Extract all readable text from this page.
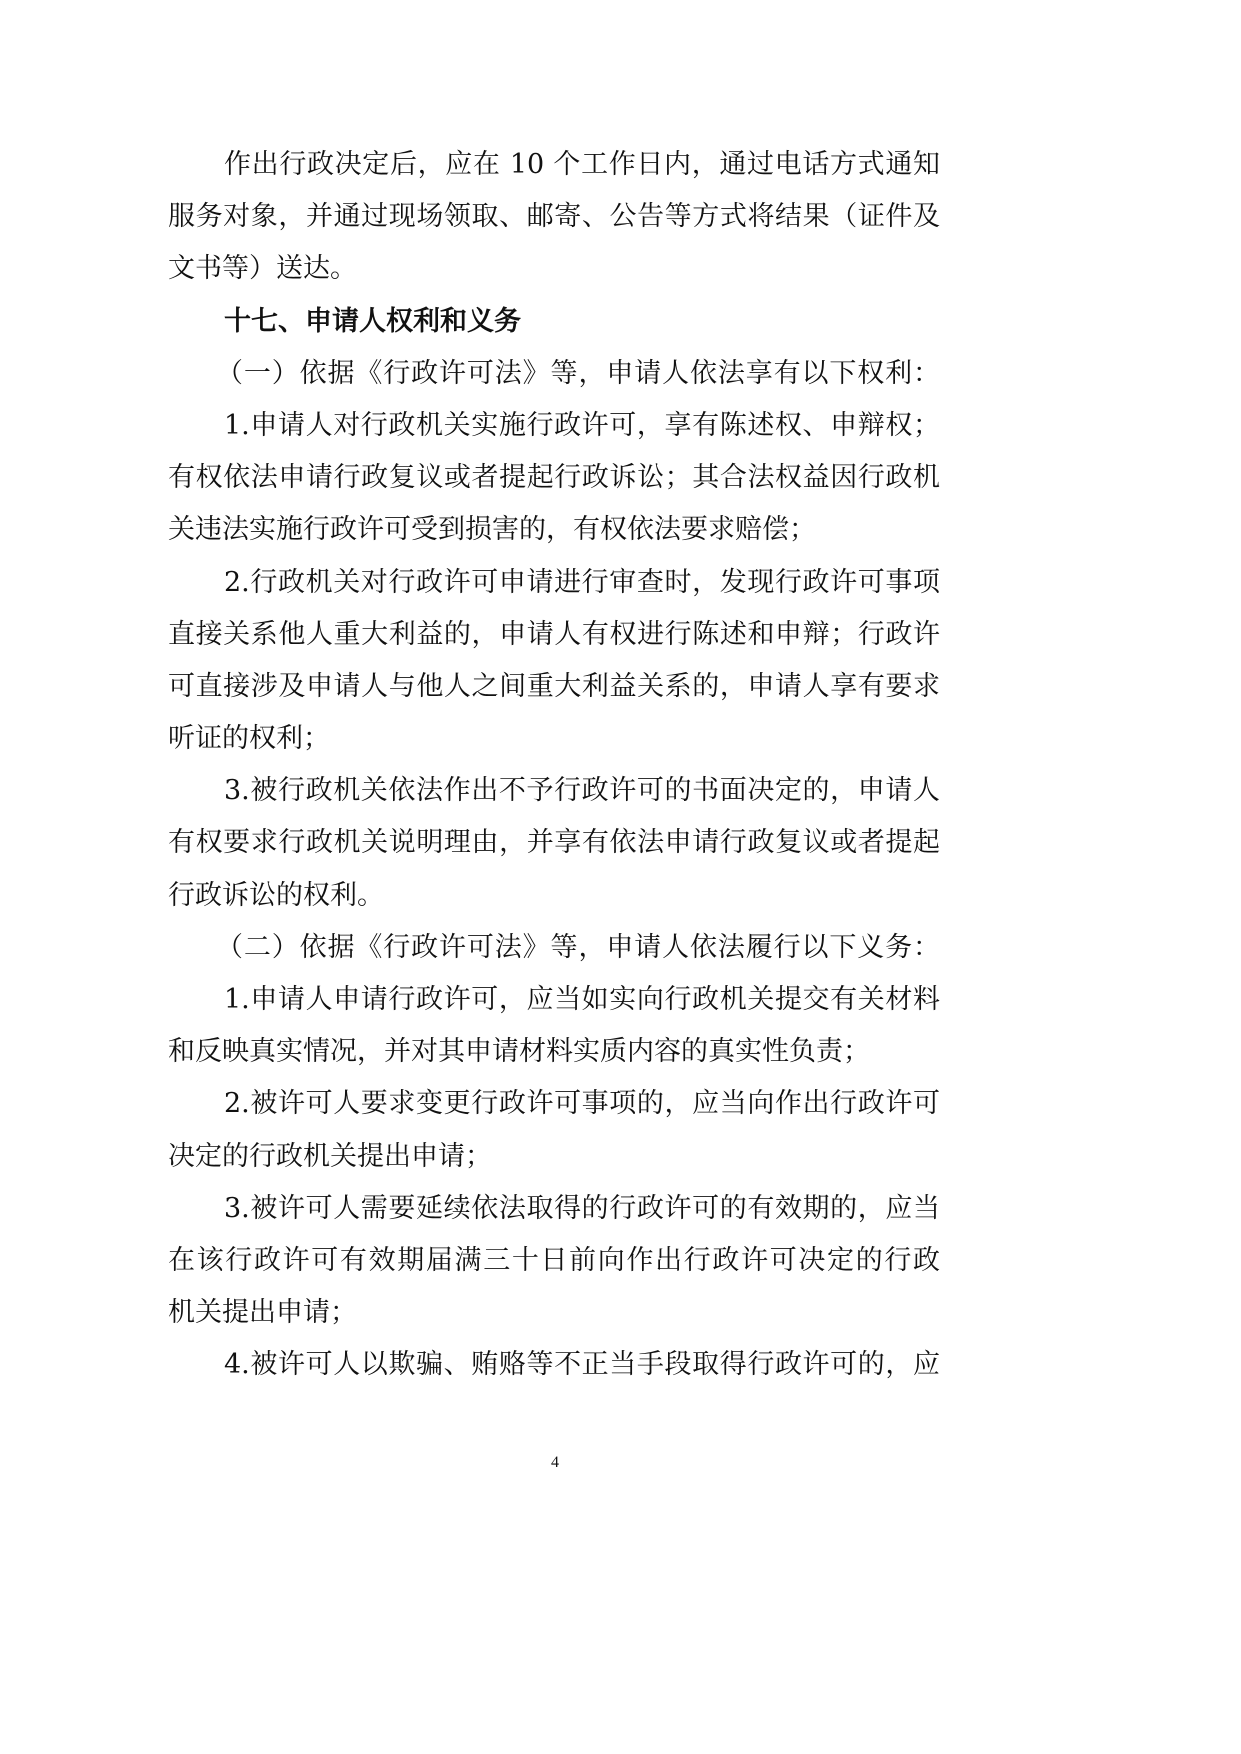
作出行政决定后，应在 10 个工作日内，通过电话方式通知
服务对象，并通过现场领取、邮寄、公告等方式将结果（证件及
文书等）送达。
十七、申请人权利和义务
（一）依据《行政许可法》等，申请人依法享有以下权利：
1.申请人对行政机关实施行政许可，享有陈述权、申辩权；
有权依法申请行政复议或者提起行政诉讼；其合法权益因行政机
关违法实施行政许可受到损害的，有权依法要求赔偿；
2.行政机关对行政许可申请进行审查时，发现行政许可事项
直接关系他人重大利益的，申请人有权进行陈述和申辩；行政许
可直接涉及申请人与他人之间重大利益关系的，申请人享有要求
听证的权利；
3.被行政机关依法作出不予行政许可的书面决定的，申请人
有权要求行政机关说明理由，并享有依法申请行政复议或者提起
行政诉讼的权利。
（二）依据《行政许可法》等，申请人依法履行以下义务：
1.申请人申请行政许可，应当如实向行政机关提交有关材料
和反映真实情况，并对其申请材料实质内容的真实性负责；
2.被许可人要求变更行政许可事项的，应当向作出行政许可
决定的行政机关提出申请；
3.被许可人需要延续依法取得的行政许可的有效期的，应当
在该行政许可有效期届满三十日前向作出行政许可决定的行政
机关提出申请；
4.被许可人以欺骗、贿赂等不正当手段取得行政许可的，应
4
